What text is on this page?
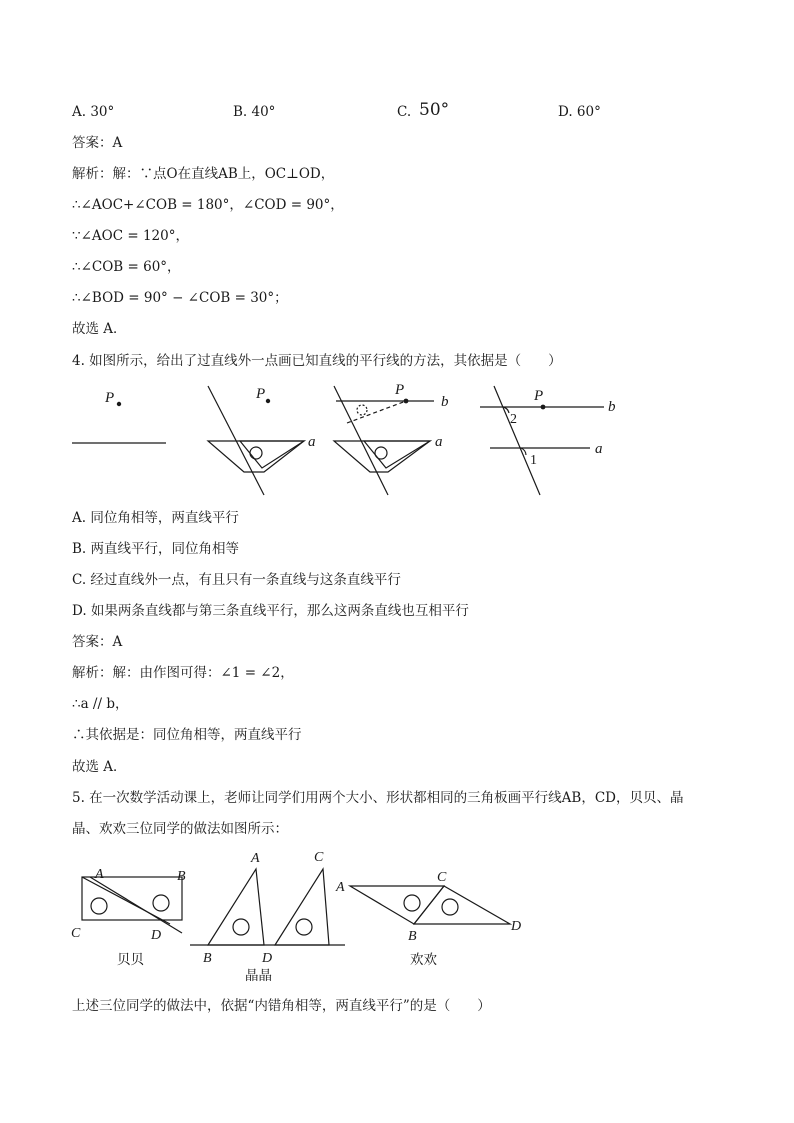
A. 30°	B. 40°	C. 50°	D. 60°
答案：A
解析：解：∵点O在直线AB上，OC⊥OD，
∴∠AOC+∠COB = 180°，∠COD = 90°，
∵∠AOC = 120°，
∴∠COB = 60°，
∴∠BOD = 90° − ∠COB = 30°；
故选 A．
4. 如图所示，给出了过直线外一点画已知直线的平行线的方法，其依据是（　　）
P	P
a
P
b
a
P
b
a
2
1
A. 同位角相等，两直线平行
B. 两直线平行，同位角相等
C. 经过直线外一点，有且只有一条直线与这条直线平行
D. 如果两条直线都与第三条直线平行，那么这两条直线也互相平行
答案：A
解析：解：由作图可得：∠1 = ∠2，
∴a // b，
∴其依据是：同位角相等，两直线平行
故选 A．
5. 在一次数学活动课上，老师让同学们用两个大小、形状都相同的三角板画平行线AB，CD，贝贝、晶
晶、欢欢三位同学的做法如图所示：
A	B
C	D
A	C
B	D
A
C
B
D
贝贝
晶晶
欢欢
上述三位同学的做法中，依据“内错角相等，两直线平行”的是（　　）
